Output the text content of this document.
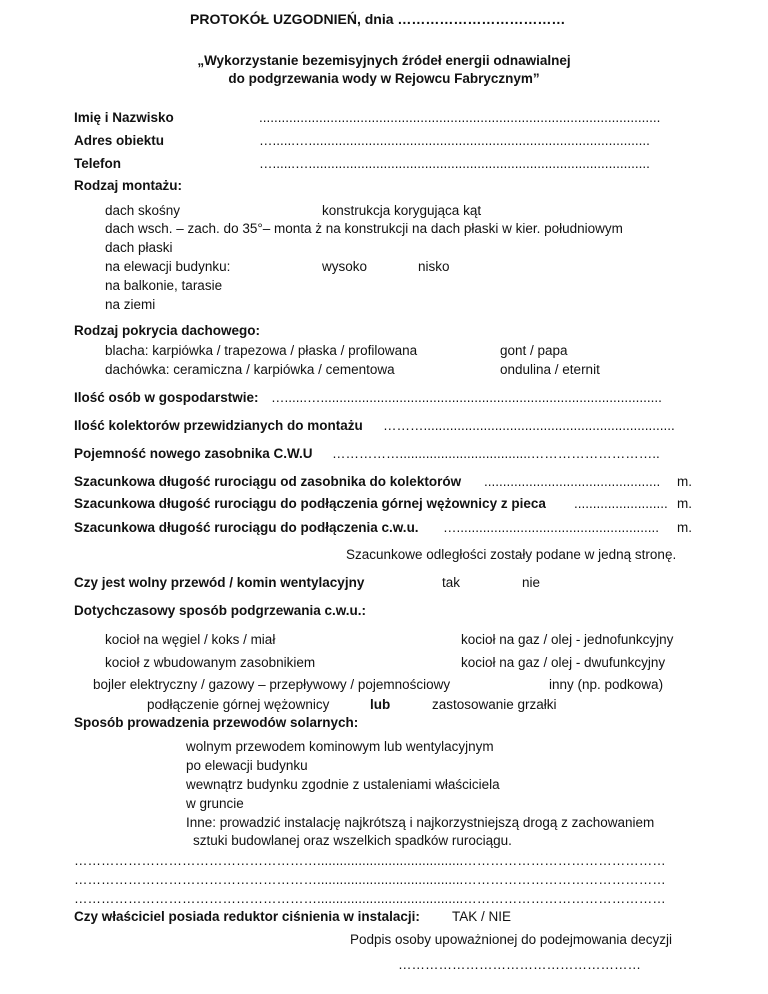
PROTOKÓŁ UZGODNIEŃ, dnia ………………………………
„Wykorzystanie bezemisyjnych źródeł energii odnawialnej
do podgrzewania wody w Rejowcu Fabrycznym”
Imię i Nazwisko	...........................................................................................................
Adres obiektu	…......…...........................................................................................
Telefon	…......…...........................................................................................
Rodzaj montażu:
dach skośny	konstrukcja korygująca kąt
dach wsch. – zach. do 35°– monta ż na konstrukcji na dach płaski w kier. południowym
dach płaski
na elewacji budynku:	wysoko	nisko
na balkonie, tarasie
na ziemi
Rodzaj pokrycia dachowego:
blacha: karpiówka / trapezowa / płaska / profilowana	gont / papa
dachówka: ceramiczna / karpiówka / cementowa	ondulina / eternit
Ilość osób w gospodarstwie: …......…...........................................................................................
Ilość kolektorów przewidzianych do montażu ………...................................................................
Pojemność nowego zasobnika C.W.U ……………...................................………………………..
Szacunkowa długość rurociągu od zasobnika do kolektorów ............................................... m.
Szacunkowa długość rurociągu do podłączenia górnej wężownicy z pieca ......................... m.
Szacunkowa długość rurociągu do podłączenia c.w.u. …...................................................... m.
Szacunkowe odległości zostały podane w jedną stronę.
Czy jest wolny przewód / komin wentylacyjny	tak	nie
Dotychczasowy sposób podgrzewania c.w.u.:
kocioł na węgiel / koks / miał	kocioł na gaz / olej - jednofunkcyjny
kocioł z wbudowanym zasobnikiem	kocioł na gaz / olej - dwufunkcyjny
bojler elektryczny / gazowy – przepływowy / pojemnościowy	inny (np. podkowa)
podłączenie górnej wężownicy	lub	zastosowanie grzałki
Sposób prowadzenia przewodów solarnych:
wolnym przewodem kominowym lub wentylacyjnym
po elewacji budynku
wewnątrz budynku zgodnie z ustaleniami właściciela
w gruncie
Inne: prowadzić instalację najkrótszą i najkorzystniejszą drogą z zachowaniem
sztuki budowlanej oraz wszelkich spadków rurociągu.
……………………………………………….......................................………………………………………
……………………………………………….......................................………………………………………
……………………………………………….......................................………………………………………
Czy właściciel posiada reduktor ciśnienia w instalacji: TAK / NIE
Podpis osoby upoważnionej do podejmowania decyzji
………………………………………………
